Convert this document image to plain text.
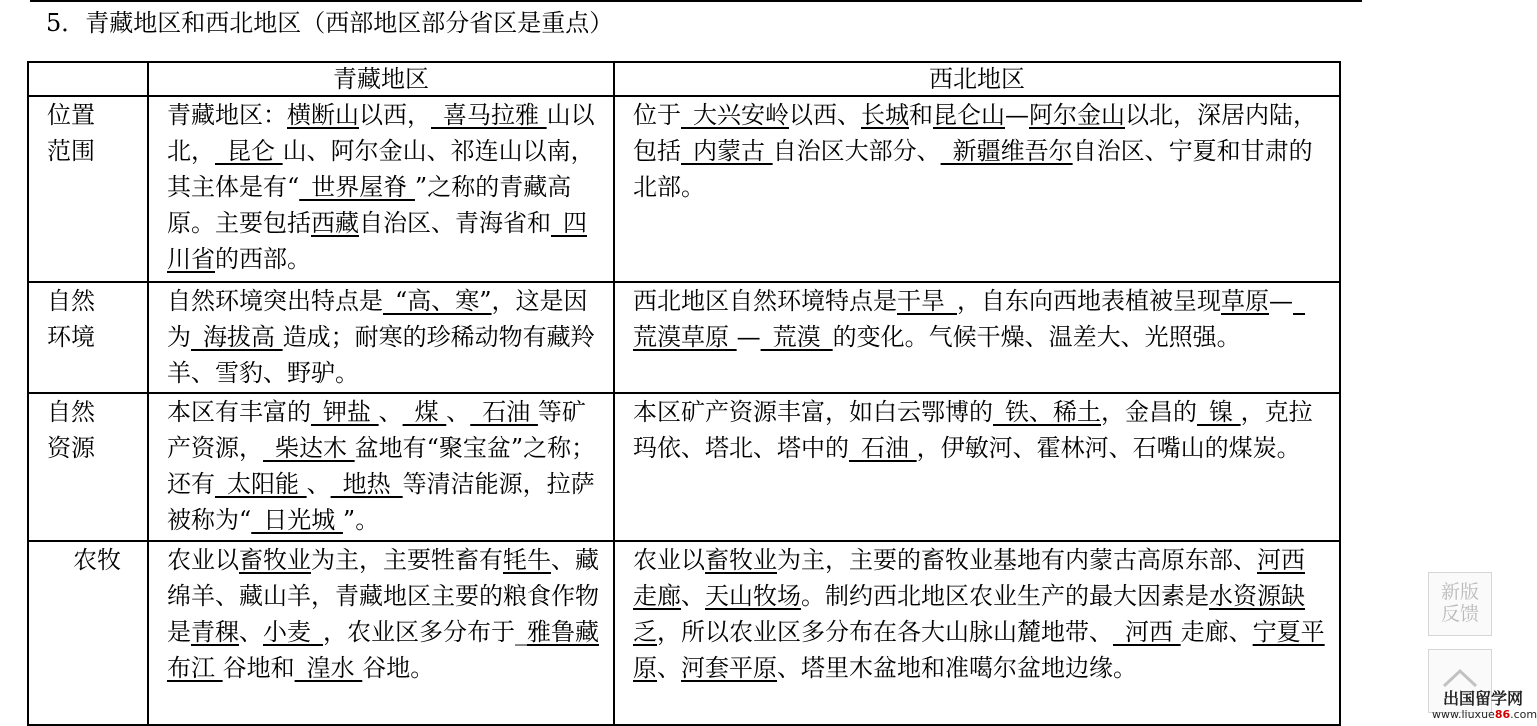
5．青藏地区和西北地区（西部地区部分省区是重点）
	青藏地区	西北地区

位置
范围	青藏地区：横断山以西，_喜马拉雅 山以北，_昆仑 山、阿尔金山、祁连山以南，其主体是有“_世界屋脊 ”之称的青藏高原。主要包括西藏自治区、青海省和_四川省的西部。	位于_大兴安岭以西、长城和昆仑山—阿尔金山以北，深居内陆，包括_内蒙古 自治区大部分、_新疆维吾尔自治区、宁夏和甘肃的北部。

自然
环境	自然环境突出特点是_“高、寒”，这是因为_海拔高 造成；耐寒的珍稀动物有藏羚羊、雪豹、野驴。	西北地区自然环境特点是干旱_，自东向西地表植被呈现草原—_荒漠草原 —_荒漠_的变化。气候干燥、温差大、光照强。

自然
资源	本区有丰富的_钾盐 、_煤 、_石油 等矿产资源，_柴达木 盆地有“聚宝盆”之称；还有_太阳能 、_地热_等清洁能源，拉萨被称为“_日光城 ”。	本区矿产资源丰富，如白云鄂博的_铁、稀土，金昌的_镍 ，克拉玛依、塔北、塔中的_石油 ，伊敏河、霍林河、石嘴山的煤炭。

农牧	农业以畜牧业为主，主要牲畜有牦牛、藏绵羊、藏山羊，青藏地区主要的粮食作物是青稞、小麦_，农业区多分布于_雅鲁藏布江 谷地和_湟水 谷地。	农业以畜牧业为主，主要的畜牧业基地有内蒙古高原东部、河西走廊、天山牧场。制约西北地区农业生产的最大因素是水资源缺乏，所以农业区多分布在各大山脉山麓地带、_河西 走廊、宁夏平原、河套平原、塔里木盆地和准噶尔盆地边缘。
新版
反馈
出国留学网
www.liuxue86.com
